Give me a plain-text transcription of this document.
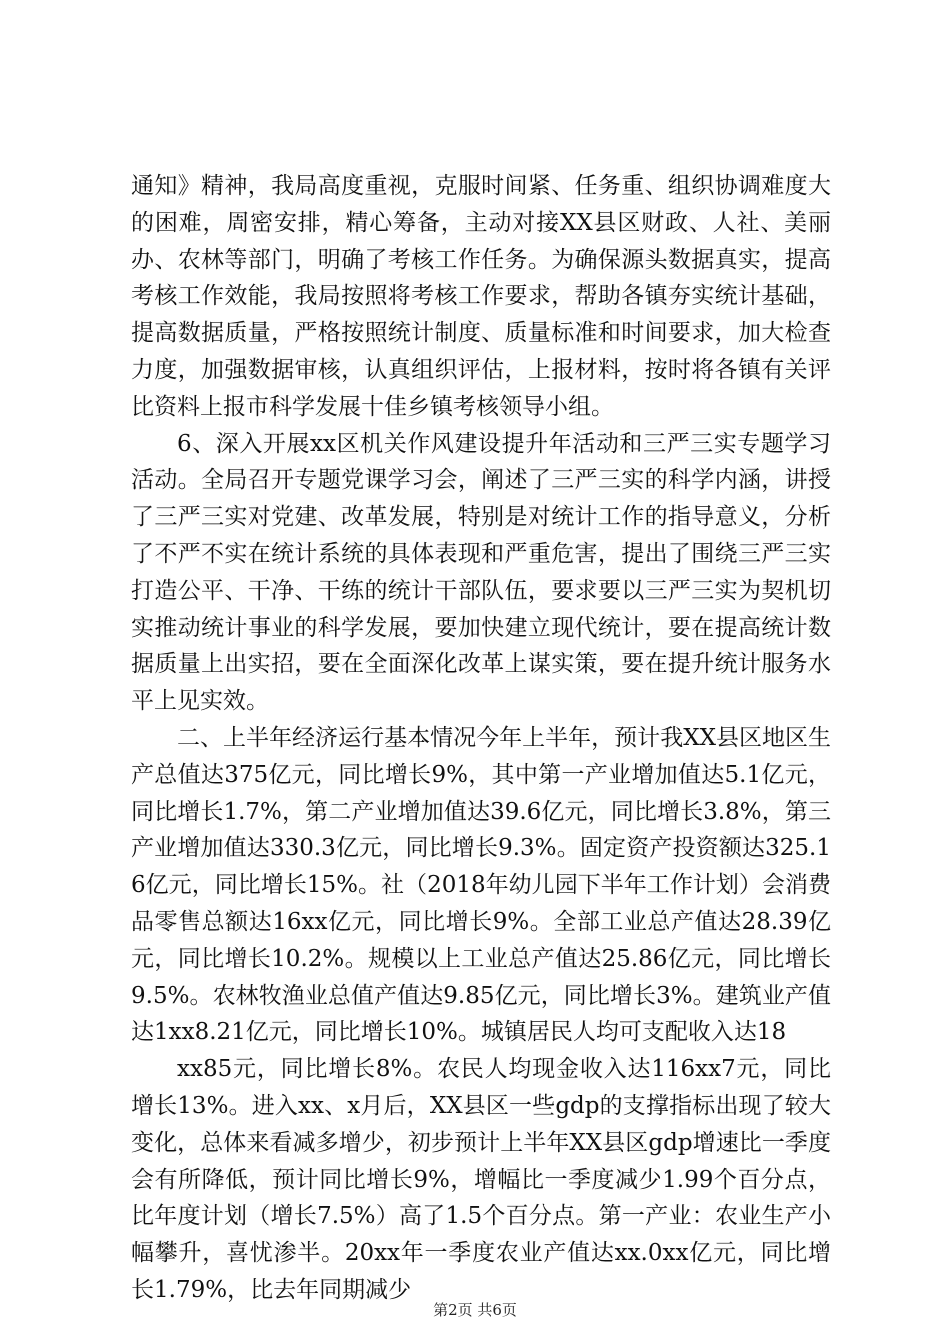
通知》精神，我局高度重视，克服时间紧、任务重、组织协调难度大的困难，周密安排，精心筹备，主动对接XX县区财政、人社、美丽办、农林等部门，明确了考核工作任务。为确保源头数据真实，提高考核工作效能，我局按照将考核工作要求，帮助各镇夯实统计基础，提高数据质量，严格按照统计制度、质量标准和时间要求，加大检查力度，加强数据审核，认真组织评估，上报材料，按时将各镇有关评比资料上报市科学发展十佳乡镇考核领导小组。

6、深入开展xx区机关作风建设提升年活动和三严三实专题学习活动。全局召开专题党课学习会，阐述了三严三实的科学内涵，讲授了三严三实对党建、改革发展，特别是对统计工作的指导意义，分析了不严不实在统计系统的具体表现和严重危害，提出了围绕三严三实打造公平、干净、干练的统计干部队伍，要求要以三严三实为契机切实推动统计事业的科学发展，要加快建立现代统计，要在提高统计数据质量上出实招，要在全面深化改革上谋实策，要在提升统计服务水平上见实效。

二、上半年经济运行基本情况今年上半年，预计我XX县区地区生产总值达375亿元，同比增长9%，其中第一产业增加值达5.1亿元，同比增长1.7%，第二产业增加值达39.6亿元，同比增长3.8%，第三产业增加值达330.3亿元，同比增长9.3%。固定资产投资额达325.16亿元，同比增长15%。社（2018年幼儿园下半年工作计划）会消费品零售总额达16xx亿元，同比增长9%。全部工业总产值达28.39亿元，同比增长10.2%。规模以上工业总产值达25.86亿元，同比增长9.5%。农林牧渔业总值产值达9.85亿元，同比增长3%。建筑业产值达1xx8.21亿元，同比增长10%。城镇居民人均可支配收入达18

xx85元，同比增长8%。农民人均现金收入达116xx7元，同比增长13%。进入xx、x月后，XX县区一些gdp的支撑指标出现了较大变化，总体来看减多增少，初步预计上半年XX县区gdp增速比一季度会有所降低，预计同比增长9%，增幅比一季度减少1.99个百分点，比年度计划（增长7.5%）高了1.5个百分点。第一产业：农业生产小幅攀升，喜忧渗半。20xx年一季度农业产值达xx.0xx亿元，同比增长1.79%，比去年同期减少

第2页 共6页
